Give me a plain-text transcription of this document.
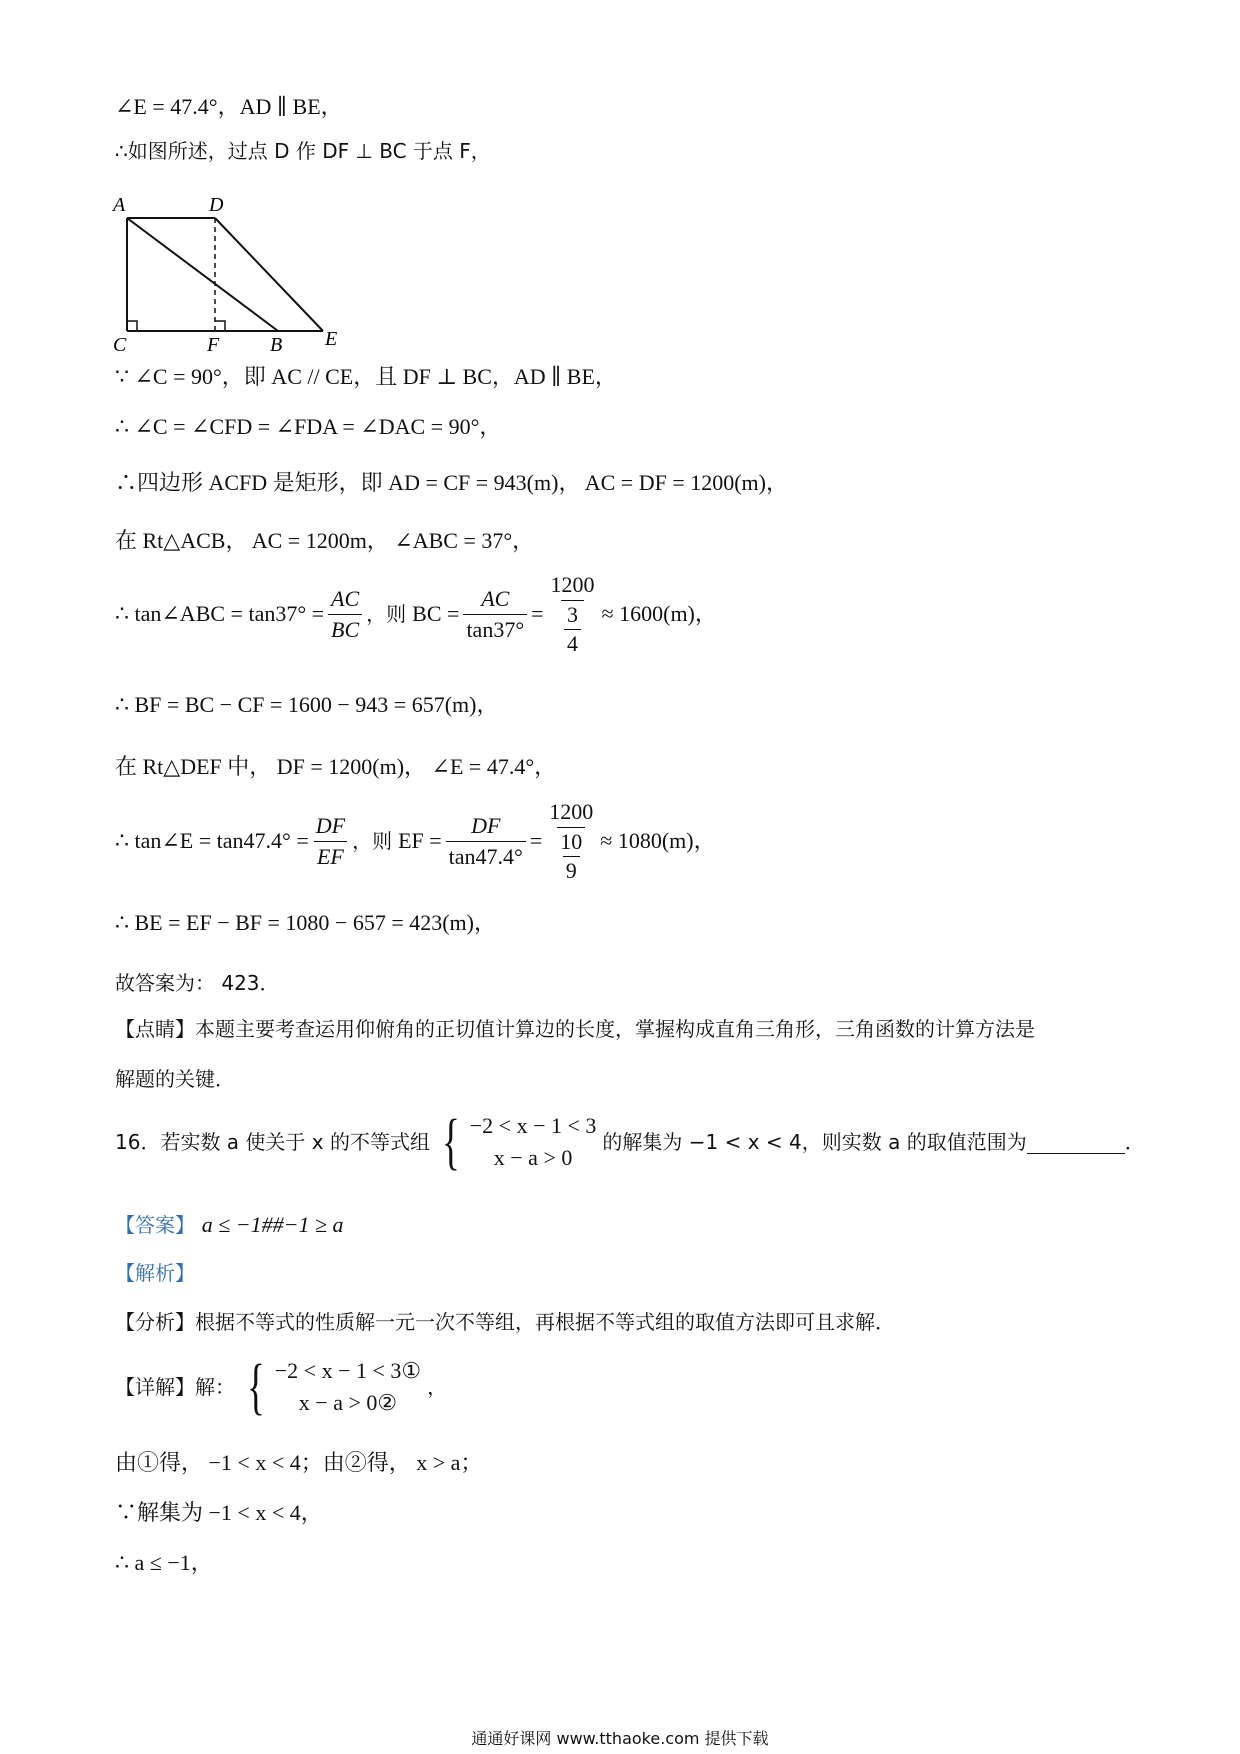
∠E = 47.4°，AD ∥ BE，
∴如图所述，过点 D 作 DF ⊥ BC 于点 F，
A	D
C	F	B E
∵ ∠C = 90°，即 AC // CE，且 DF ⊥ BC，AD ∥ BE，
∴ ∠C = ∠CFD = ∠FDA = ∠DAC = 90°，
∴四边形 ACFD 是矩形，即 AD = CF = 943(m)， AC = DF = 1200(m)，
在 Rt△ACB， AC = 1200m， ∠ABC = 37°，
∴ tan∠ABC = $\tan 37^\circ = \frac{AC}{BC}$ ，则 BC = $\frac{AC}{\tan 37^\circ} = \frac{1200}{\frac{3}{4}} \approx 1600(m)$ ，
∴ BF = BC − CF = 1600 − 943 = 657(m)，
在 Rt△DEF 中， DF = 1200(m)， ∠E = 47.4°，
∴ tan∠E = $\tan 47.4^\circ = \frac{DF}{EF}$ ，则 EF = $\frac{DF}{\tan 47.4^\circ} = \frac{1200}{\frac{10}{9}} \approx 1080(m)$ ，
∴ BE = EF − BF = 1080 − 657 = 423(m)，
故答案为： 423．
【点睛】本题主要考查运用仰俯角的正切值计算边的长度，掌握构成直角三角形，三角函数的计算方法是
解题的关键．
16．若实数 a 使关于 x 的不等式组 { −2 < x − 1 < 3
x − a > 0
的解集为 −1 < x < 4，则实数 a 的取值范围为	．
【答案】 a ≤ −1##−1 ≥ a
【解析】
【分析】根据不等式的性质解一元一次不等组，再根据不等式组的取值方法即可且求解．
【详解】解： { −2 < x − 1 < 3①
x − a > 0②
，
由①得， −1 < x < 4；由②得， x > a；
∵解集为 −1 < x < 4，
∴ a ≤ −1，
通通好课网 www.tthaoke.com 提供下载
